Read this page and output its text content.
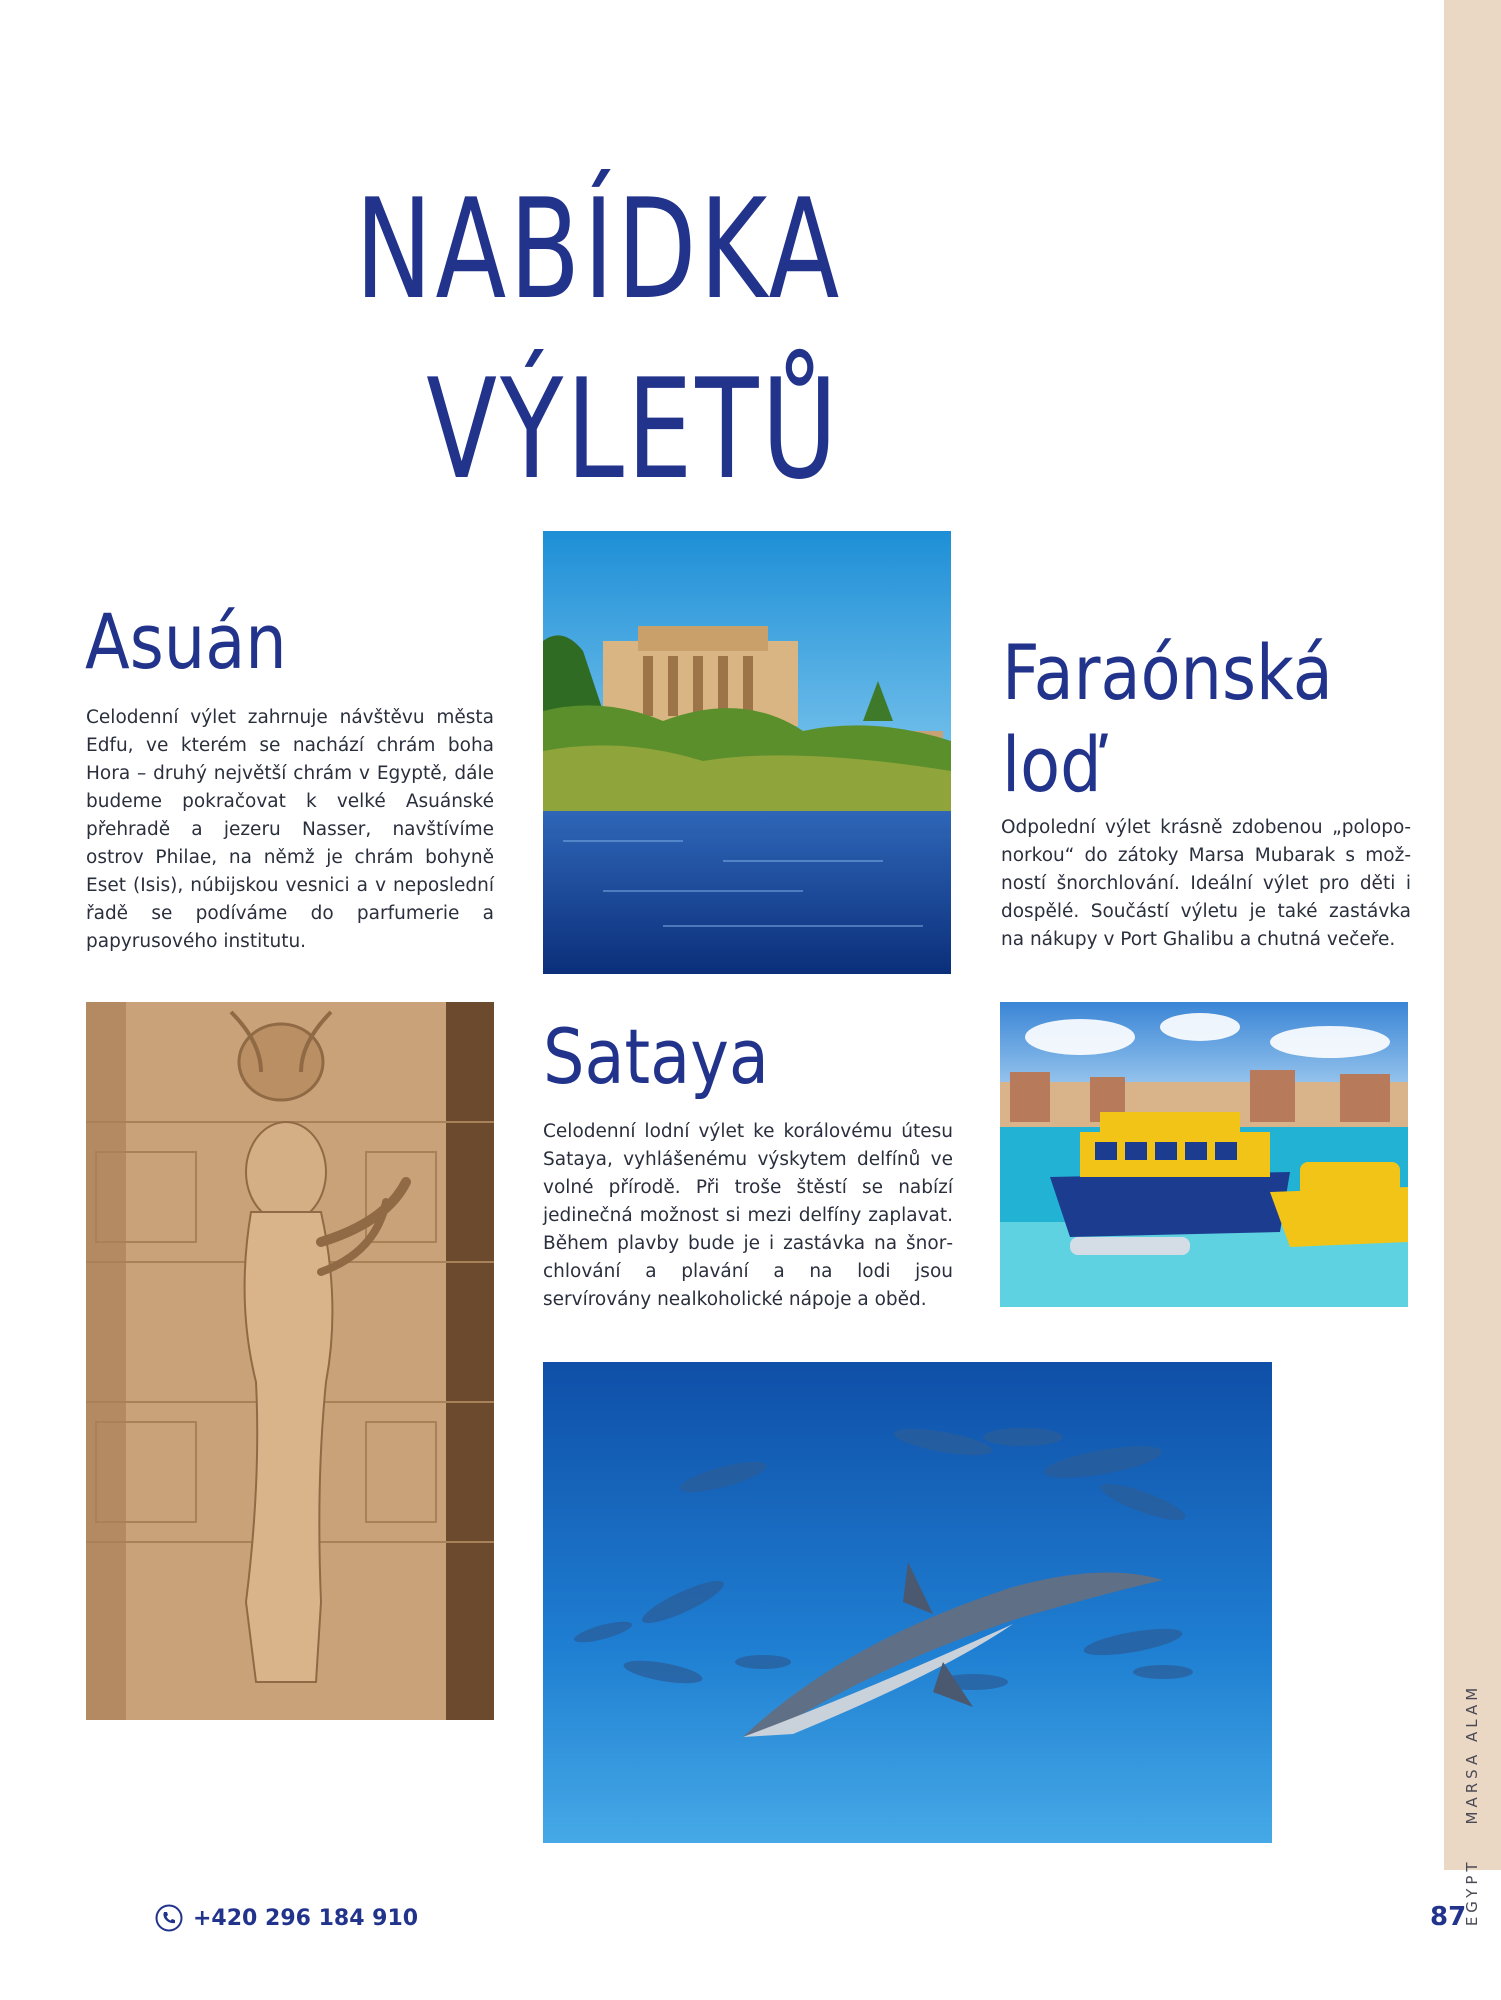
EGYPTMARSA ALAM
NABÍDKA
VÝLETŮ
Asuán

Celodenní výlet zahrnuje návštěvu města Edfu, ve kterém se nachází chrám boha Hora – druhý největší chrám v Egyptě, dále budeme pokračovat k velké Asuánské přehradě a jezeru Nasser, navštívíme ostrov Philae, na němž je chrám bohyně Eset (Isis), núbijskou vesnici a v neposlední řadě se podíváme do parfumerie a papyrusového institutu.

Faraónská loď

Odpolední výlet krásně zdobenou „poloponorkou“ do zátoky Marsa Mubarak s možností šnorchlování. Ideální výlet pro děti i dospělé. Součástí výletu je také zastávka na nákupy v Port Ghalibu a chutná večeře.

Sataya

Celodenní lodní výlet ke korálovému útesu Sataya, vyhlášenému výskytem delfínů ve volné přírodě. Při troše štěstí se nabízí jedinečná možnost si mezi delfíny zaplavat. Během plavby bude je i zastávka na šnorchlování a plavání a na lodi jsou servírovány nealkoholické nápoje a oběd.

+420 296 184 910	87
